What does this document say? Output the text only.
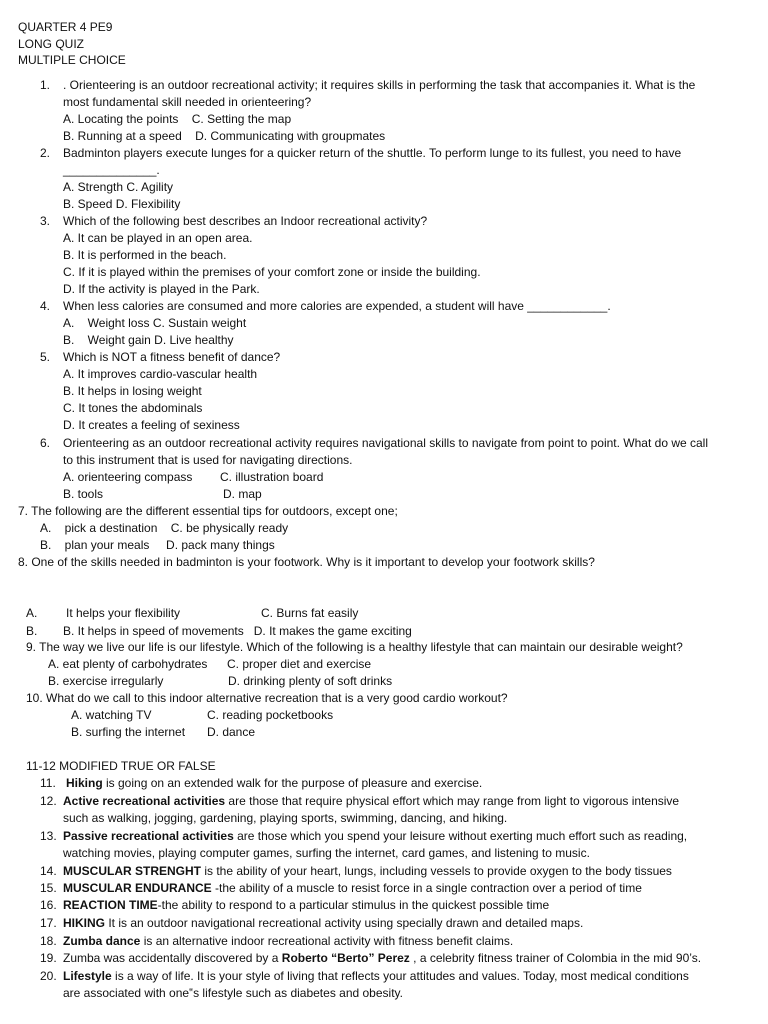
QUARTER 4 PE9
LONG QUIZ
MULTIPLE CHOICE
1. . Orienteering is an outdoor recreational activity; it requires skills in performing the task that accompanies it. What is the
most fundamental skill needed in orienteering?
A. Locating the points    C. Setting the map
B. Running at a speed    D. Communicating with groupmates
2. Badminton players execute lunges for a quicker return of the shuttle. To perform lunge to its fullest, you need to have
______________.
A. Strength C. Agility
B. Speed D. Flexibility
3. Which of the following best describes an Indoor recreational activity?
A. It can be played in an open area.
B. It is performed in the beach.
C. If it is played within the premises of your comfort zone or inside the building.
D. If the activity is played in the Park.
4. When less calories are consumed and more calories are expended, a student will have ____________.
A.    Weight loss C. Sustain weight
B.    Weight gain D. Live healthy
5. Which is NOT a fitness benefit of dance?
A. It improves cardio-vascular health
B. It helps in losing weight
C. It tones the abdominals
D. It creates a feeling of sexiness
6. Orienteering as an outdoor recreational activity requires navigational skills to navigate from point to point. What do we call
to this instrument that is used for navigating directions.
A. orienteering compass C. illustration board
B. tools	D. map
7. The following are the different essential tips for outdoors, except one;
A.    pick a destination    C. be physically ready
B.    plan your meals     D. pack many things
8. One of the skills needed in badminton is your footwork. Why is it important to develop your footwork skills?
A. It helps your flexibility	C. Burns fat easily
B. B. It helps in speed of movements   D. It makes the game exciting
9. The way we live our life is our lifestyle. Which of the following is a healthy lifestyle that can maintain our desirable weight?
A. eat plenty of carbohydrates C. proper diet and exercise
B. exercise irregularly	D. drinking plenty of soft drinks
10. What do we call to this indoor alternative recreation that is a very good cardio workout?
A. watching TV	C. reading pocketbooks
B. surfing the internet D. dance
11-12 MODIFIED TRUE OR FALSE
11. Hiking is going on an extended walk for the purpose of pleasure and exercise.
12. Active recreational activities are those that require physical effort which may range from light to vigorous intensive
such as walking, jogging, gardening, playing sports, swimming, dancing, and hiking.
13. Passive recreational activities are those which you spend your leisure without exerting much effort such as reading,
watching movies, playing computer games, surfing the internet, card games, and listening to music.
14. MUSCULAR STRENGHT is the ability of your heart, lungs, including vessels to provide oxygen to the body tissues
15. MUSCULAR ENDURANCE -the ability of a muscle to resist force in a single contraction over a period of time
16. REACTION TIME-the ability to respond to a particular stimulus in the quickest possible time
17. HIKING It is an outdoor navigational recreational activity using specially drawn and detailed maps.
18. Zumba dance is an alternative indoor recreational activity with fitness benefit claims.
19. Zumba was accidentally discovered by a Roberto “Berto” Perez , a celebrity fitness trainer of Colombia in the mid 90’s.
20. Lifestyle is a way of life. It is your style of living that reflects your attitudes and values. Today, most medical conditions
are associated with one‟s lifestyle such as diabetes and obesity.
